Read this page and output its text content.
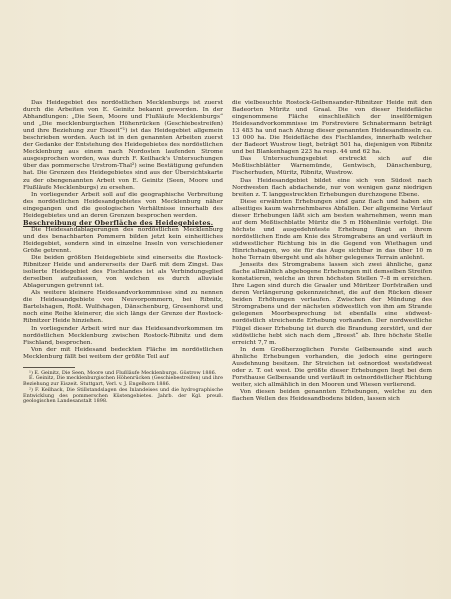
Das Heidegebiet des nordöstlichen Mecklenburgs ist zuerst durch die Arbeiten von E. Geinitz bekannt geworden. In der Abhandlungen: „Die Seen, Moore und Flußläufe Mecklenburgs“ und „Die mecklenburgischen Höhenrücken (Geschiebestreifen) und ihre Beziehung zur Eiszeit“¹) ist das Heidegebiet allgemein beschrieben worden. Auch ist in den genannten Arbeiten zuerst der Gedanke der Entstehung des Heidegebietes des nordöstlichen Mecklenburg aus einem nach Nordosten laufenden Strome ausgesprochen worden, was durch F. Keilhack's Untersuchungen über das pommersche Urstrom-Thal²) seine Bestätigung gefunden hat. Die Grenzen des Heidegebietes sind aus der Übersichtskarte zu der obengenannten Arbeit von E. Geinitz (Seen, Moore und Flußläufe Mecklenburgs) zu ersehen.

In vorliegender Arbeit soll auf die geographische Verbreitung des nordöstlichen Heidesandgebietes von Mecklenburg näher eingegangen und die geologischen Verhältnisse innerhalb des Heidegebietes und an deren Grenzen besprochen werden.

Beschreibung der Oberfläche des Heidegebietes.

Die Heidesandablagerungen des nordöstlichen Mecklenburg und des benachbarten Pommern bilden jetzt kein einheitliches Heidegebiet, sondern sind in einzelne Inseln von verschiedener Größe getrennt.

Die beiden größten Heidegebiete sind einerseits die Rostock-Ribnitzer Heide und andererseits der Darß mit dem Zingst. Das isolierte Heidegebiet des Fischlandes ist als Verbindungsglied derselben aufzufassen, von welchen es durch alluviale Ablagerungen getrennt ist.

Als weitere kleinere Heidesandvorkommnisse sind zu nennen die Heidesandgebiete von Neuvorpommern, bei Ribnitz, Bartelshagen, Roßt. Wulfshagen, Dänschenburg, Gresenhorst und noch eine Reihe kleinerer, die sich längs der Grenze der Rostock-Ribnitzer Heide hinziehen.

In vorliegender Arbeit wird nur das Heidesandvorkommen im nordöstlichen Mecklenburg zwischen Rostock-Ribnitz und dem Fischland, besprochen.

Von der mit Heidesand bedeckten Fläche im nordöstlichen Mecklenburg fällt bei weitem der größte Teil auf

¹) E. Geinitz, Die Seen, Moore und Flußläufe Mecklenburgs. Güstrow 1886.

E. Geinitz, Die mecklenburgischen Höhenrücken (Geschiebestreifen) und ihre Beziehung zur Eiszeit. Stuttgart, Verl. v. J. Engelhorn 1886.

²) F. Keilhack, Die Stillstandslagen des Inlandeises und die hydrographische Entwicklung des pommerschen Küstengebietes. Jahrb. der Kgl. preuß. geologischen Landesanstalt 1898.

die vielbesuchte Rostock-Gelbensander-Ribnitzer Heide mit den Badeorten Müritz und Graal. Die von dieser Heidefläche eingenommene Fläche einschließlich der inselförmigen Heidesandvorkommnisse im Forstreviere Schnatermann beträgt 13 483 ha und nach Abzug dieser genannten Heidesandinseln ca. 13 000 ha. Die Heidefläche des Fischlandes, innerhalb welcher der Badeort Wustrow liegt, beträgt 501 ha, diejenigen von Ribnitz und bei Blankenhagen 223 ha resp. 44 und 62 ha.

Das Untersuchungsgebiet erstreckt sich auf die Meßtischblätter Warnemünde, Gentwisch, Dänschenburg, Fischerhuden, Müritz, Ribnitz, Wustrow.

Das Heidesandgebiet bildet eine sich von Südost nach Nordwesten flach abdachende, nur von wenigen ganz niedrigen breiten z. T. langgestreckten Erhebungen durchzogene Ebene.

Diese erwähnten Erhebungen sind ganz flach und haben ein allseitiges kaum wahrnehmbares Abfallen. Der allgemeine Verlauf dieser Erhebungen läßt sich am besten wahrnehmen, wenn man auf dem Meßtischblatte Müritz die 5 m Höhenlinie verfolgt. Die höchste und ausgedehnteste Erhebung fängt an ihrem nordöstlichen Ende am Knie des Stromgrabens an und verläuft in südwestlicher Richtung bis in die Gegend von Wiethagen und Hinrichshagen, wo sie für das Auge sichtbar in das über 10 m hohe Terrain übergeht und als höher gelegenes Terrain anlehnt.

Jenseits des Stromgrabens lassen sich zwei ähnliche, ganz flache allmählich abgebogene Erhebungen mit demselben Streifen konstatieren, welche an ihren höchsten Stellen 7–8 m erreichen. Ihre Lagen sind durch die Graaler und Müritzer Dorfstraßen und deren Verlängerung gekennzeichnet, die auf den Rücken dieser beiden Erhöhungen verlaufen. Zwischen der Mündung des Stromgrabens und der nächsten südwestlich von ihm am Strande gelegenen Moorbesprechung ist ebenfalls eine südwest-nordöstlich streichende Erhebung vorhanden. Der nordwestliche Flügel dieser Erhebung ist durch die Brandung zerstört, und der südöstliche hebt sich nach dem „Breest“ ab. Ihre höchste Stelle erreicht 7,7 m.

In dem Großherzoglichen Forste Gelbensande sind auch ähnliche Erhebungen vorhanden, die jedoch eine geringere Ausdehnung besitzen. Ihr Streichen ist ostnordost westsüdwest oder z. T. ost west. Die größte dieser Erhebungen liegt bei dem Forsthause Gelbensande und verläuft in ostnordöstlicher Richtung weiter, sich allmählich in den Mooren und Wiesen verlierend.

Von diesen beiden genannten Erhebungen, welche zu den flachen Wellen des Heidesandbodens bilden, lassen sich
